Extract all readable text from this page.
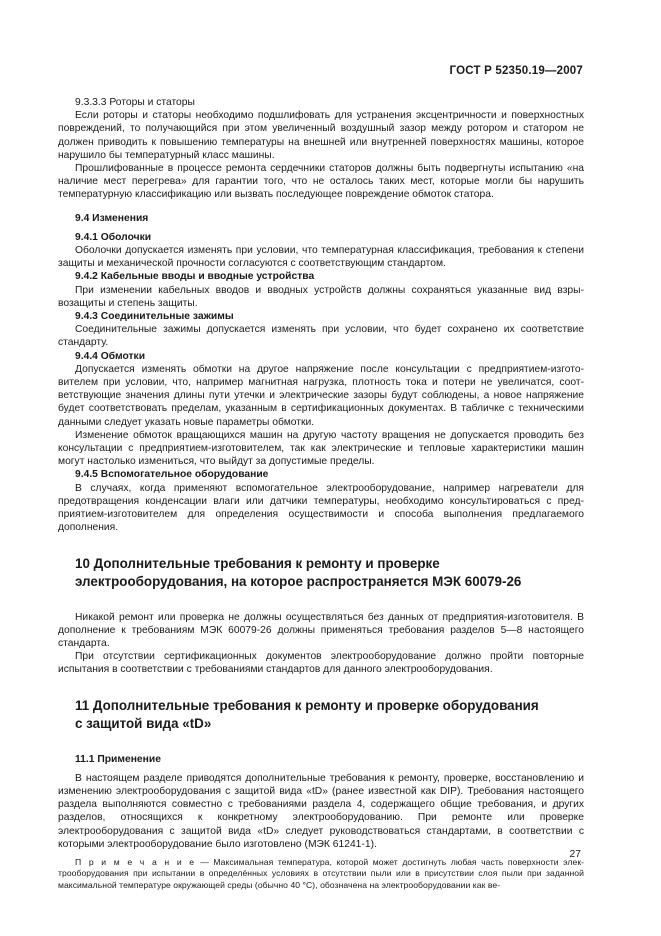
ГОСТ Р 52350.19—2007

9.3.3.3 Роторы и статоры

Если роторы и статоры необходимо подшлифовать для устранения эксцентричности и поверхностных повреждений, то получающийся при этом увеличенный воздушный зазор между ротором и статором не должен приводить к повышению температуры на внешней или внутренней поверхностях машины, которое нарушило бы температурный класс машины.

Прошлифованные в процессе ремонта сердечники статоров должны быть подвергнуты испытанию «на наличие мест перегрева» для гарантии того, что не осталось таких мест, которые могли бы нарушить температурную классификацию или вызвать последующее повреждение обмоток статора.

9.4 Изменения

9.4.1 Оболочки

Оболочки допускается изменять при условии, что температурная классификация, требования к степени защиты и механической прочности согласуются с соответствующим стандартом.

9.4.2 Кабельные вводы и вводные устройства

При изменении кабельных вводов и вводных устройств должны сохраняться указанные вид взрывозащиты и степень защиты.

9.4.3 Соединительные зажимы

Соединительные зажимы допускается изменять при условии, что будет сохранено их соответствие стандарту.

9.4.4 Обмотки

Допускается изменять обмотки на другое напряжение после консультации с предприятием-изготовителем при условии, что, например магнитная нагрузка, плотность тока и потери не увеличатся, соответствующие значения длины пути утечки и электрические зазоры будут соблюдены, а новое напряжение будет соответствовать пределам, указанным в сертификационных документах. В табличке с техническими данными следует указать новые параметры обмотки.

Изменение обмоток вращающихся машин на другую частоту вращения не допускается проводить без консультации с предприятием-изготовителем, так как электрические и тепловые характеристики машин могут настолько измениться, что выйдут за допустимые пределы.

9.4.5 Вспомогательное оборудование

В случаях, когда применяют вспомогательное электрооборудование, например нагреватели для предотвращения конденсации влаги или датчики температуры, необходимо консультироваться с предприятием-изготовителем для определения осуществимости и способа выполнения предлагаемого дополнения.

10 Дополнительные требования к ремонту и проверке
электрооборудования, на которое распространяется МЭК 60079-26

Никакой ремонт или проверка не должны осуществляться без данных от предприятия-изготовителя. В дополнение к требованиям МЭК 60079-26 должны применяться требования разделов 5—8 настоящего стандарта.

При отсутствии сертификационных документов электрооборудование должно пройти повторные испытания в соответствии с требованиями стандартов для данного электрооборудования.

11 Дополнительные требования к ремонту и проверке оборудования
с защитой вида «tD»

11.1 Применение

В настоящем разделе приводятся дополнительные требования к ремонту, проверке, восстановлению и изменению электрооборудования с защитой вида «tD» (ранее известной как DIP). Требования настоящего раздела выполняются совместно с требованиями раздела 4, содержащего общие требования, и других разделов, относящихся к конкретному электрооборудованию. При ремонте или проверке электрооборудования с защитой вида «tD» следует руководствоваться стандартами, в соответствии с которыми электрооборудование было изготовлено (МЭК 61241-1).

П р и м е ч а н и е — Максимальная температура, которой может достигнуть любая часть поверхности электрооборудования при испытании в определённых условиях в отсутствии пыли или в присутствии слоя пыли при заданной максимальной температуре окружающей среды (обычно 40 °С), обозначена на электрооборудовании как ве-

27
